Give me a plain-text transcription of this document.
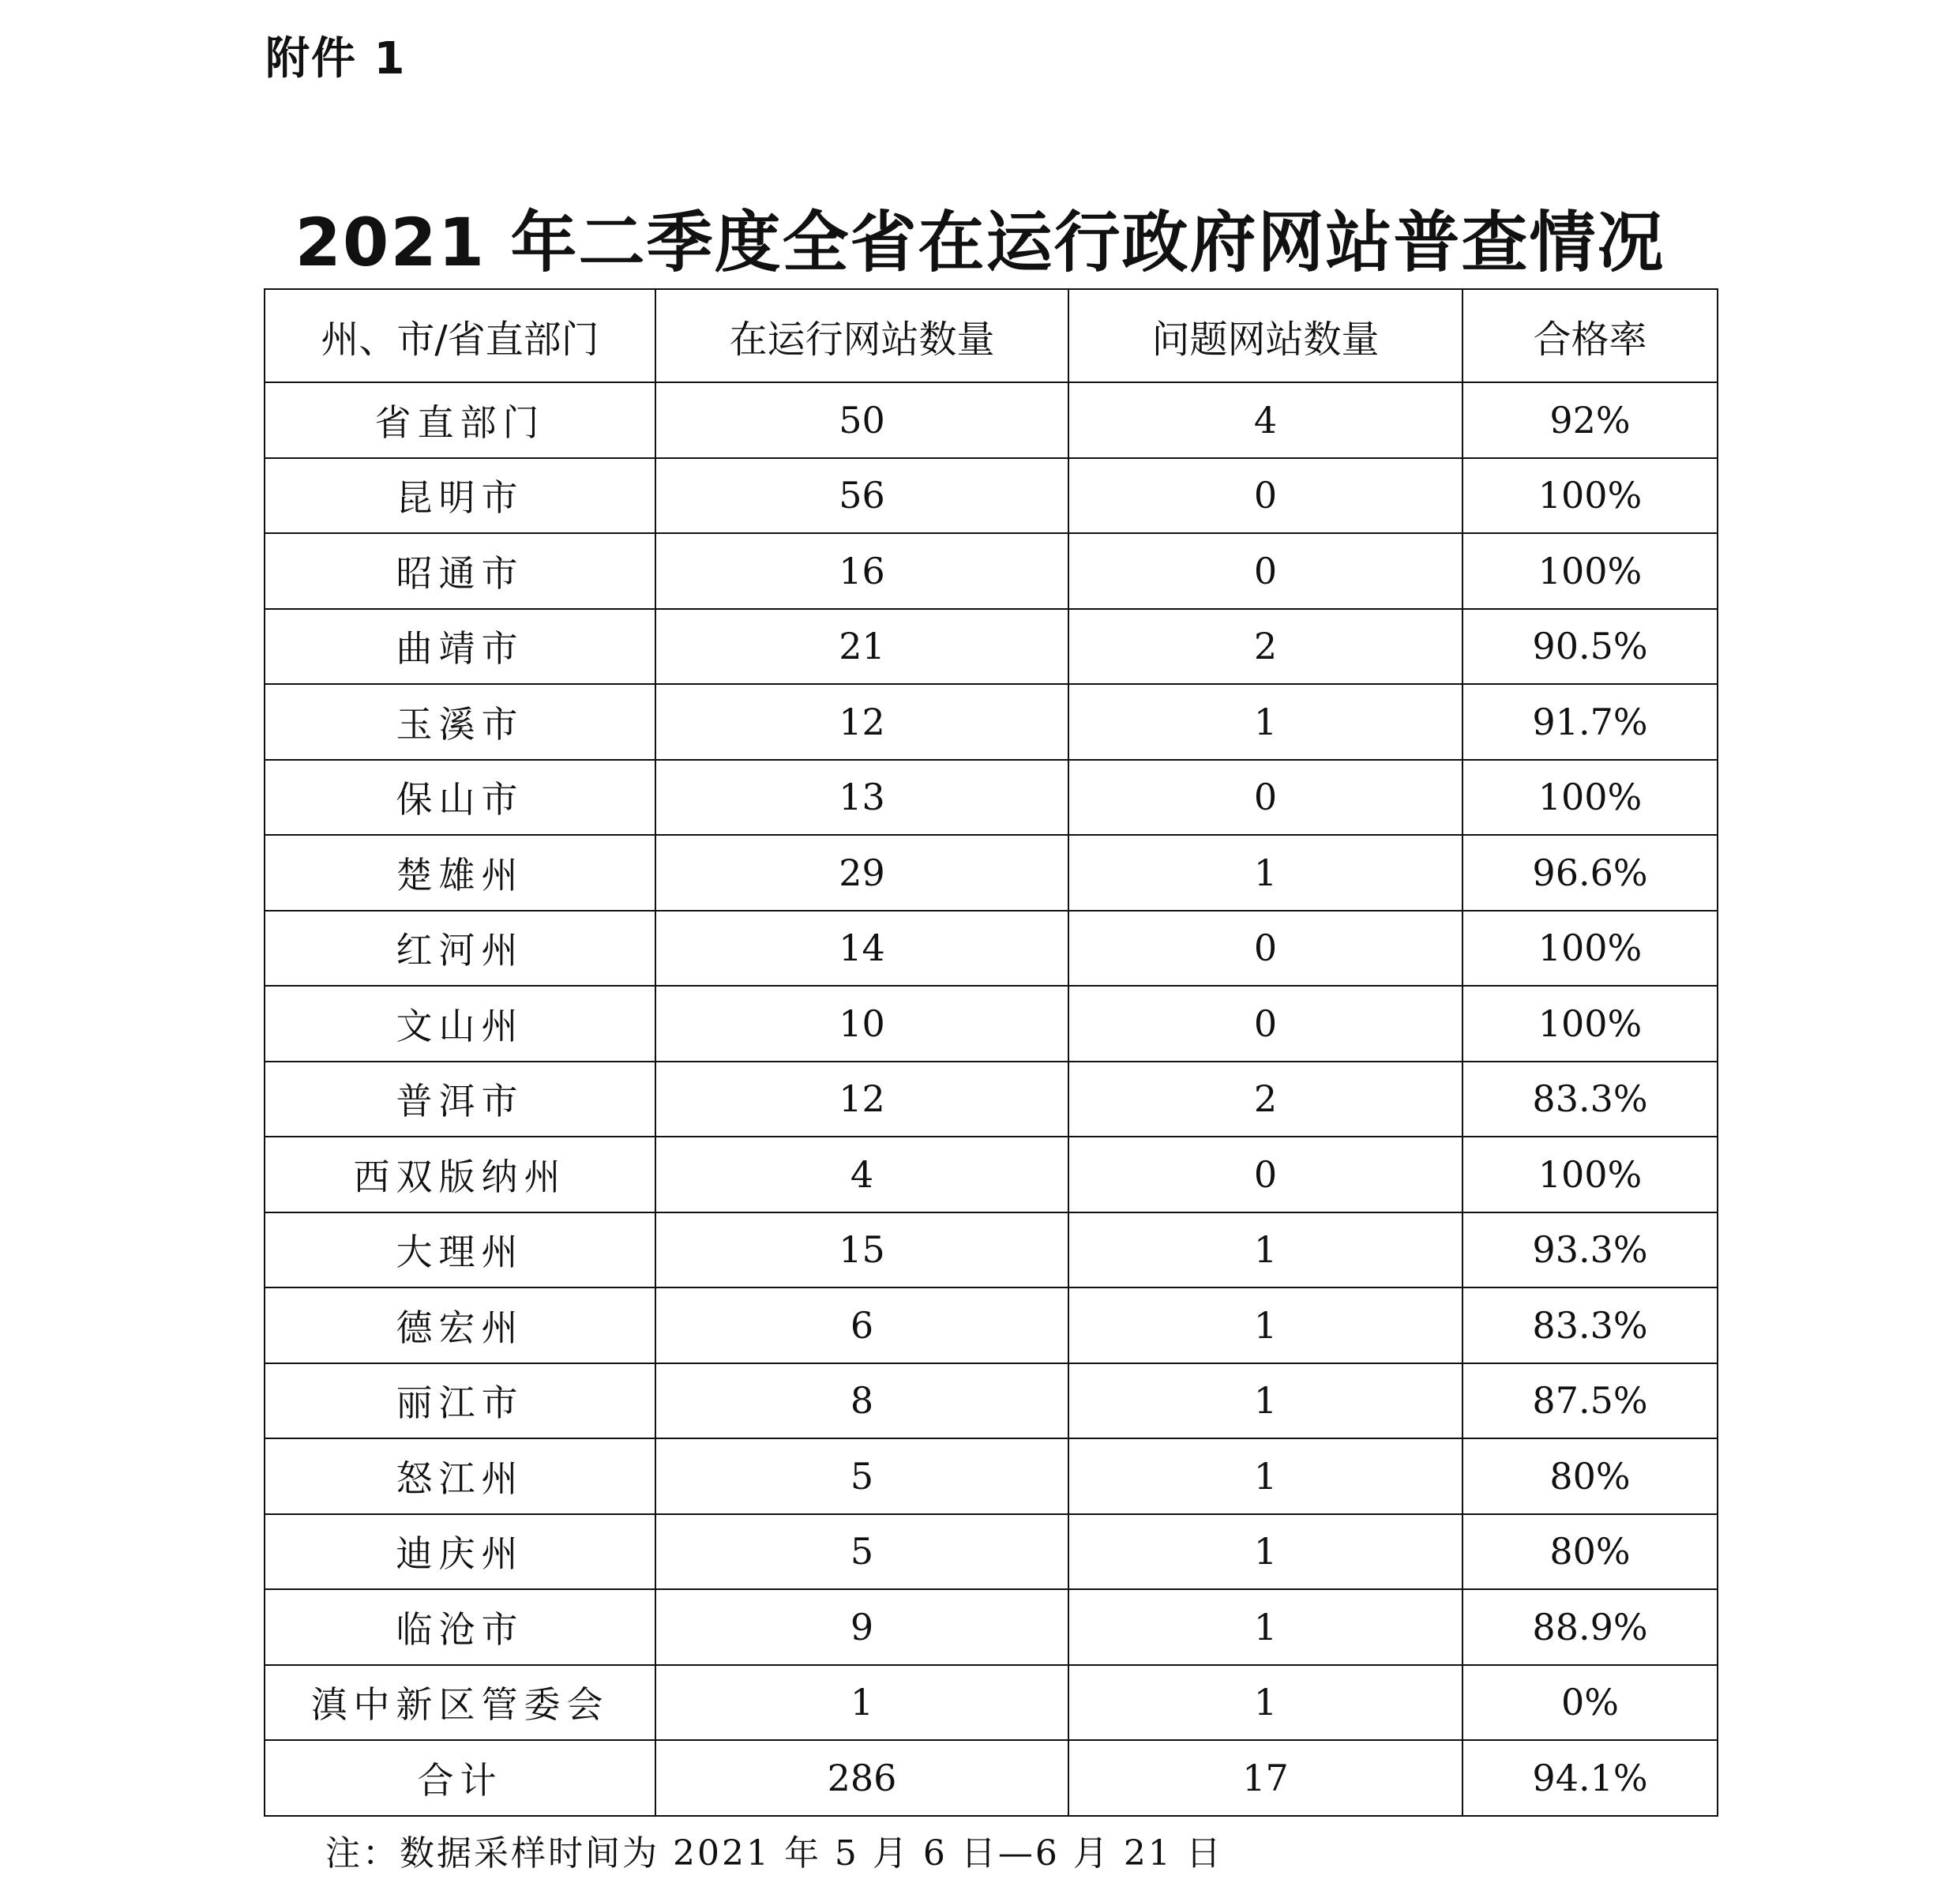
附件 1
2021 年二季度全省在运行政府网站普查情况
州、市/省直部门	在运行网站数量	问题网站数量	合格率
省直部门	50	4	92%
昆明市	56	0	100%
昭通市	16	0	100%
曲靖市	21	2	90.5%
玉溪市	12	1	91.7%
保山市	13	0	100%
楚雄州	29	1	96.6%
红河州	14	0	100%
文山州	10	0	100%
普洱市	12	2	83.3%
西双版纳州	4	0	100%
大理州	15	1	93.3%
德宏州	6	1	83.3%
丽江市	8	1	87.5%
怒江州	5	1	80%
迪庆州	5	1	80%
临沧市	9	1	88.9%
滇中新区管委会	1	1	0%
合计	286	17	94.1%
注：数据采样时间为 2021 年 5 月 6 日—6 月 21 日
